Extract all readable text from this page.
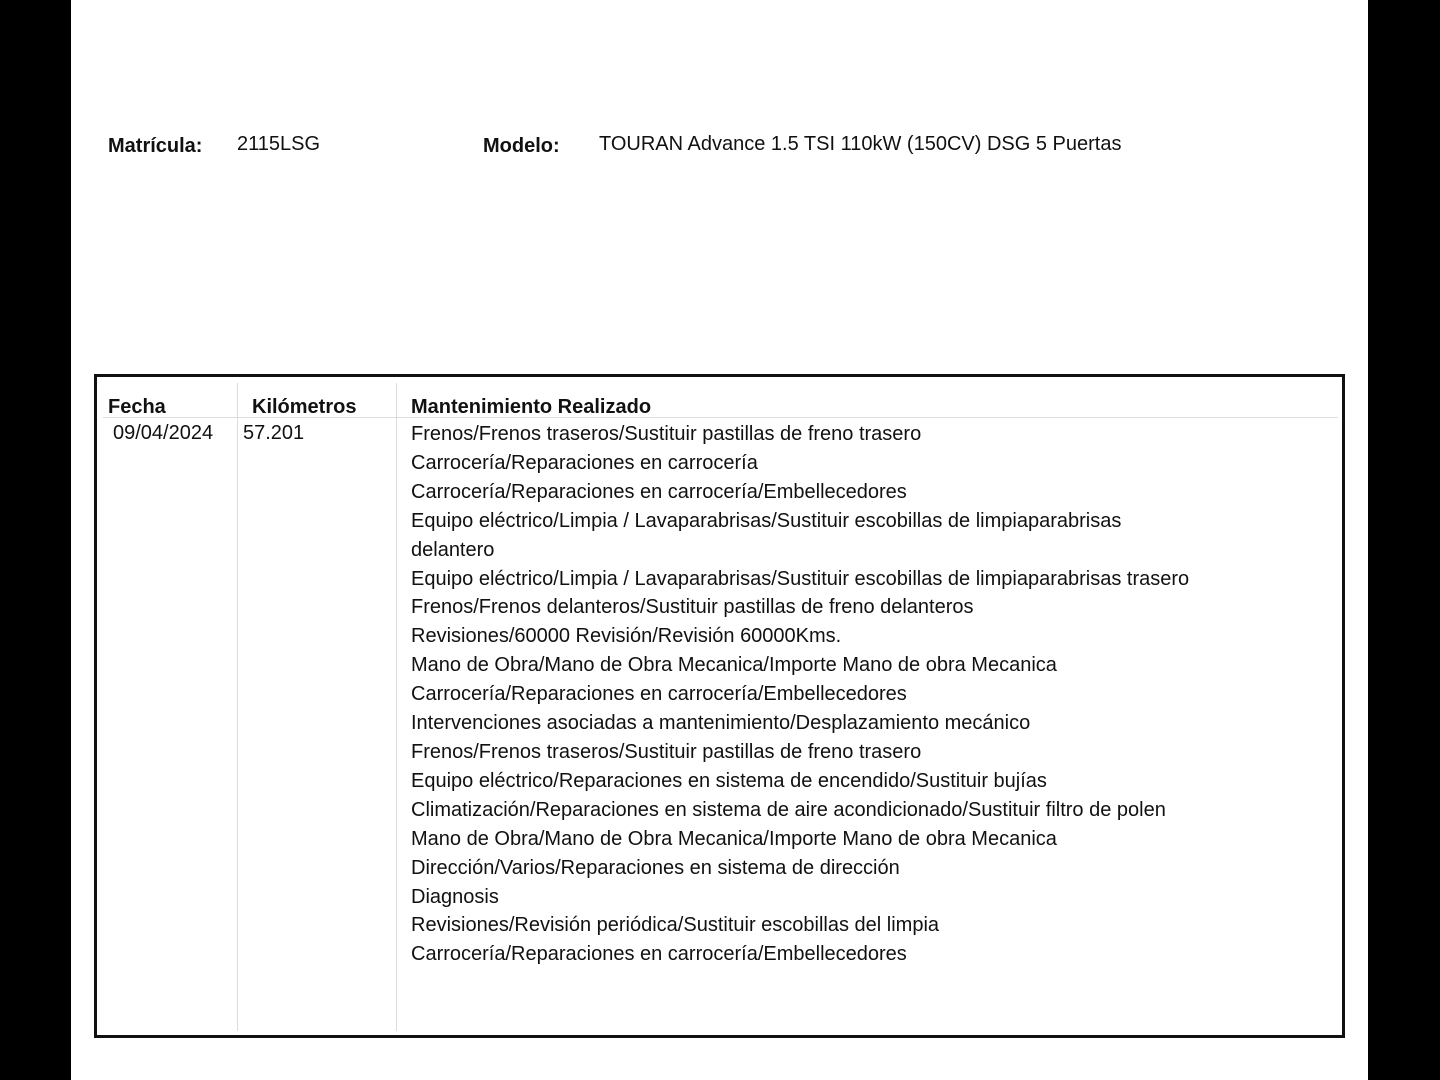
Matrícula: 2115LSG	Modelo: TOURAN Advance 1.5 TSI 110kW (150CV) DSG 5 Puertas
Fecha	Kilómetros	Mantenimiento Realizado
09/04/2024 57.201	Frenos/Frenos traseros/Sustituir pastillas de freno trasero
Carrocería/Reparaciones en carrocería
Carrocería/Reparaciones en carrocería/Embellecedores
Equipo eléctrico/Limpia / Lavaparabrisas/Sustituir escobillas de limpiaparabrisas delantero
Equipo eléctrico/Limpia / Lavaparabrisas/Sustituir escobillas de limpiaparabrisas trasero
Frenos/Frenos delanteros/Sustituir pastillas de freno delanteros
Revisiones/60000 Revisión/Revisión 60000Kms.
Mano de Obra/Mano de Obra Mecanica/Importe Mano de obra Mecanica
Carrocería/Reparaciones en carrocería/Embellecedores
Intervenciones asociadas a mantenimiento/Desplazamiento mecánico
Frenos/Frenos traseros/Sustituir pastillas de freno trasero
Equipo eléctrico/Reparaciones en sistema de encendido/Sustituir bujías
Climatización/Reparaciones en sistema de aire acondicionado/Sustituir filtro de polen
Mano de Obra/Mano de Obra Mecanica/Importe Mano de obra Mecanica
Dirección/Varios/Reparaciones en sistema de dirección
Diagnosis
Revisiones/Revisión periódica/Sustituir escobillas del limpia
Carrocería/Reparaciones en carrocería/Embellecedores
